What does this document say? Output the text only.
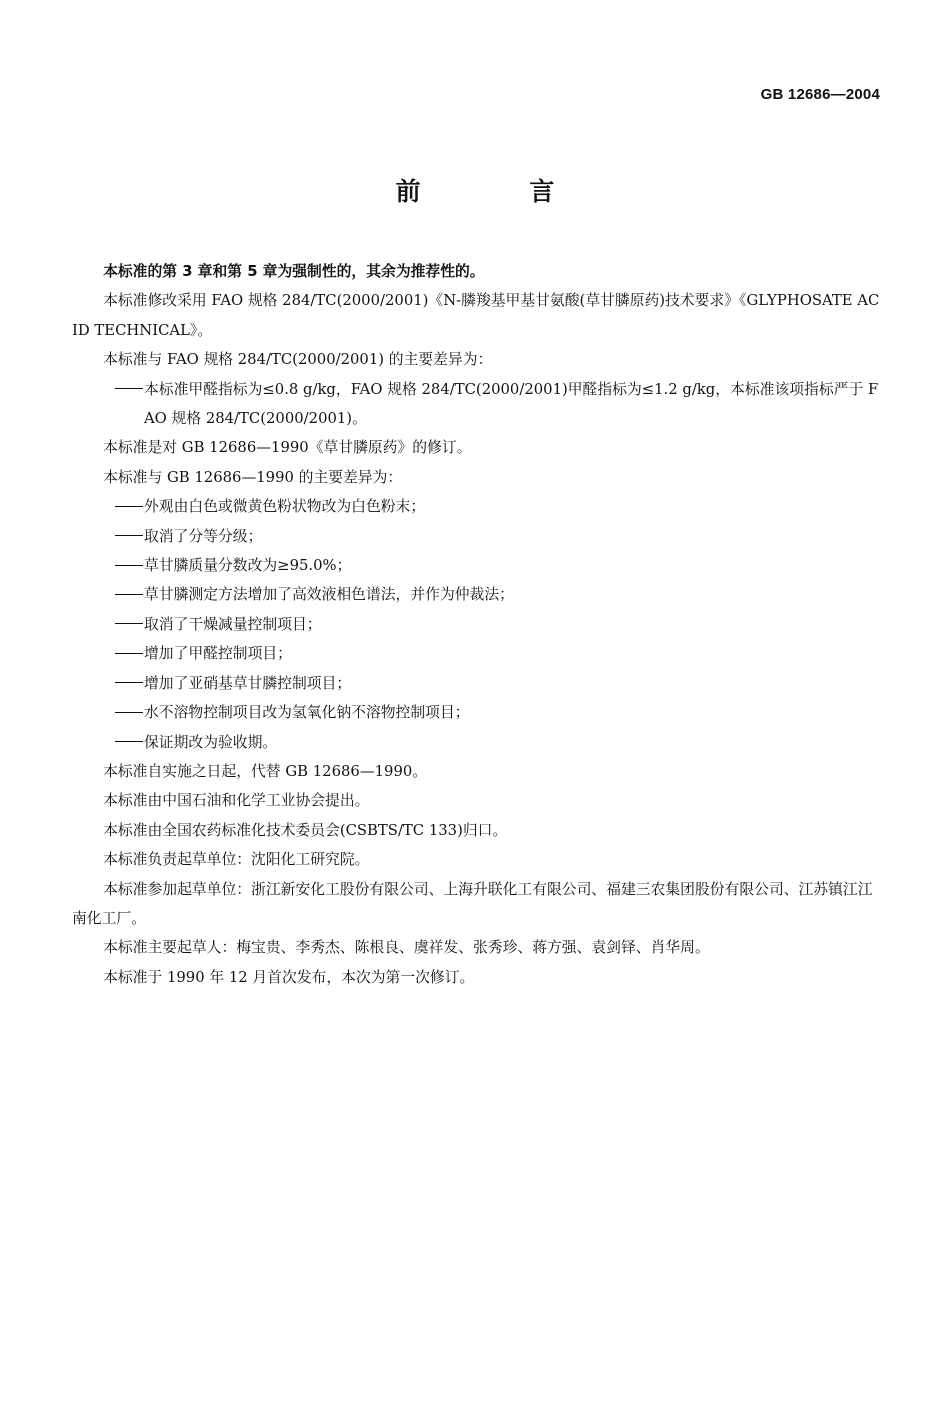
GB 12686—2004
前 言

本标准的第 3 章和第 5 章为强制性的，其余为推荐性的。

本标准修改采用 FAO 规格 284/TC(2000/2001)《N-膦羧基甲基甘氨酸(草甘膦原药)技术要求》《GLYPHOSATE ACID TECHNICAL》。

本标准与 FAO 规格 284/TC(2000/2001) 的主要差异为：

本标准甲醛指标为≤0.8 g/kg，FAO 规格 284/TC(2000/2001)甲醛指标为≤1.2 g/kg，本标准该项指标严于 FAO 规格 284/TC(2000/2001)。

本标准是对 GB 12686—1990《草甘膦原药》的修订。

本标准与 GB 12686—1990 的主要差异为：

外观由白色或微黄色粉状物改为白色粉末；

取消了分等分级；

草甘膦质量分数改为≥95.0%；

草甘膦测定方法增加了高效液相色谱法，并作为仲裁法；

取消了干燥减量控制项目；

增加了甲醛控制项目；

增加了亚硝基草甘膦控制项目；

水不溶物控制项目改为氢氧化钠不溶物控制项目；

保证期改为验收期。

本标准自实施之日起，代替 GB 12686—1990。

本标准由中国石油和化学工业协会提出。

本标准由全国农药标准化技术委员会(CSBTS/TC 133)归口。

本标准负责起草单位：沈阳化工研究院。

本标准参加起草单位：浙江新安化工股份有限公司、上海升联化工有限公司、福建三农集团股份有限公司、江苏镇江江南化工厂。

本标准主要起草人：梅宝贵、李秀杰、陈根良、虞祥发、张秀珍、蒋方强、袁剑铎、肖华周。

本标准于 1990 年 12 月首次发布，本次为第一次修订。
